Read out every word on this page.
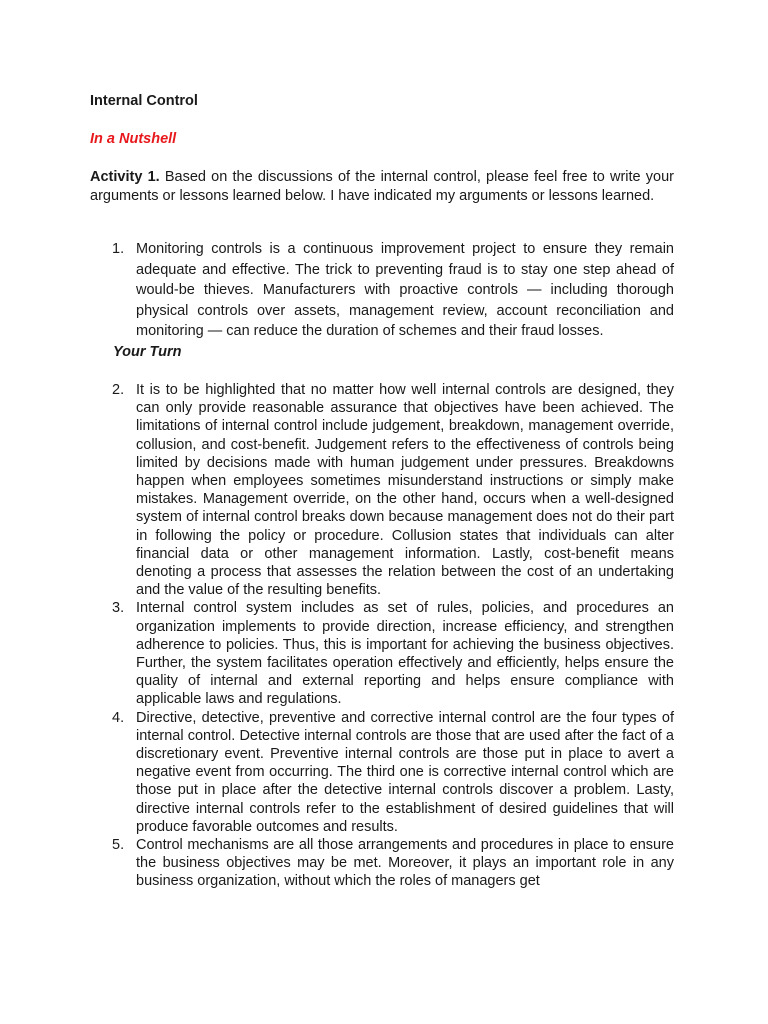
Internal Control
In a Nutshell
Activity 1. Based on the discussions of the internal control, please feel free to write your arguments or lessons learned below. I have indicated my arguments or lessons learned.
1. Monitoring controls is a continuous improvement project to ensure they remain adequate and effective. The trick to preventing fraud is to stay one step ahead of would-be thieves. Manufacturers with proactive controls — including thorough physical controls over assets, management review, account reconciliation and monitoring — can reduce the duration of schemes and their fraud losses.
Your Turn
2. It is to be highlighted that no matter how well internal controls are designed, they can only provide reasonable assurance that objectives have been achieved. The limitations of internal control include judgement, breakdown, management override, collusion, and cost-benefit. Judgement refers to the effectiveness of controls being limited by decisions made with human judgement under pressures. Breakdowns happen when employees sometimes misunderstand instructions or simply make mistakes. Management override, on the other hand, occurs when a well-designed system of internal control breaks down because management does not do their part in following the policy or procedure. Collusion states that individuals can alter financial data or other management information. Lastly, cost-benefit means denoting a process that assesses the relation between the cost of an undertaking and the value of the resulting benefits.
3. Internal control system includes as set of rules, policies, and procedures an organization implements to provide direction, increase efficiency, and strengthen adherence to policies. Thus, this is important for achieving the business objectives. Further, the system facilitates operation effectively and efficiently, helps ensure the quality of internal and external reporting and helps ensure compliance with applicable laws and regulations.
4. Directive, detective, preventive and corrective internal control are the four types of internal control. Detective internal controls are those that are used after the fact of a discretionary event. Preventive internal controls are those put in place to avert a negative event from occurring. The third one is corrective internal control which are those put in place after the detective internal controls discover a problem. Lasty, directive internal controls refer to the establishment of desired guidelines that will produce favorable outcomes and results.
5. Control mechanisms are all those arrangements and procedures in place to ensure the business objectives may be met. Moreover, it plays an important role in any business organization, without which the roles of managers get
